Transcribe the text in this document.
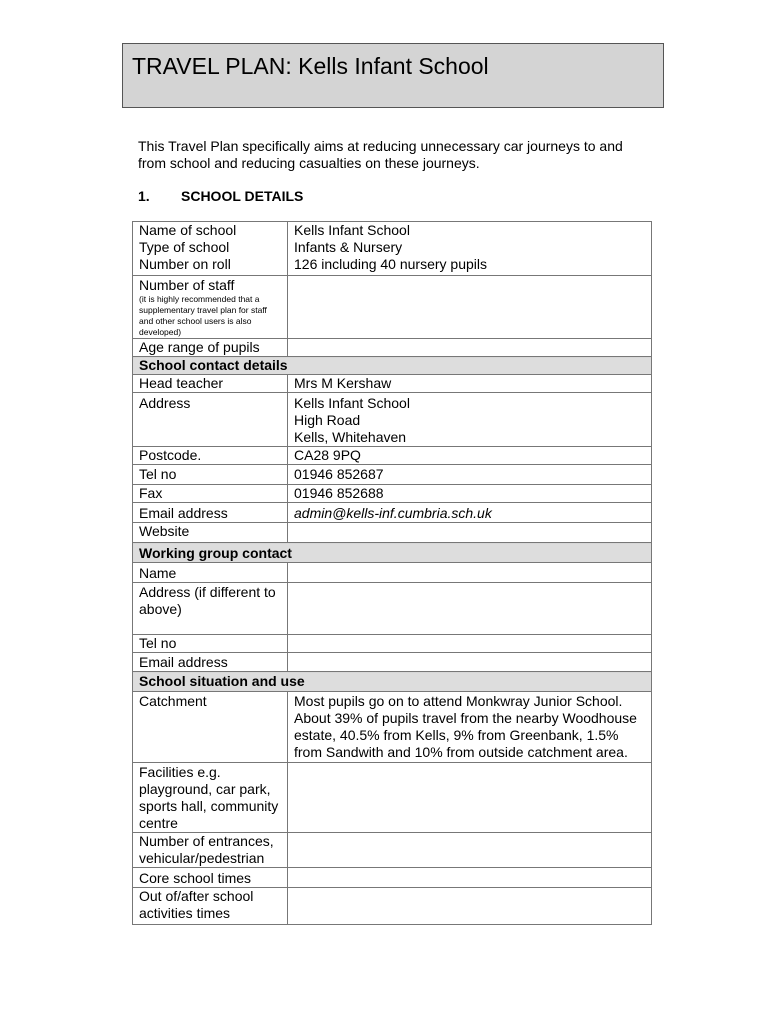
TRAVEL PLAN: Kells Infant School
This Travel Plan specifically aims at reducing unnecessary car journeys to and from school and reducing casualties on these journeys.
1. SCHOOL DETAILS
Name of school	Kells Infant School
Type of school	Infants & Nursery
Number on roll	126 including 40 nursery pupils

Number of staff
(it is highly recommended that a supplementary travel plan for staff and other school users is also developed)	

Age range of pupils	
School contact details	
Head teacher	Mrs M Kershaw
Address	Kells Infant School
High Road
Kells, Whitehaven

Postcode.	CA28 9PQ
Tel no	01946 852687
Fax	01946 852688
Email address	admin@kells-inf.cumbria.sch.uk
Website	
Working group contact	
Name	
Address (if different to above)	
Tel no	
Email address	
School situation and use	
Catchment	Most pupils go on to attend Monkwray Junior School. About 39% of pupils travel from the nearby Woodhouse estate, 40.5% from Kells, 9% from Greenbank, 1.5% from Sandwith and 10% from outside catchment area.
Facilities e.g. playground, car park, sports hall, community centre	
Number of entrances, vehicular/pedestrian	
Core school times	
Out of/after school activities times	
